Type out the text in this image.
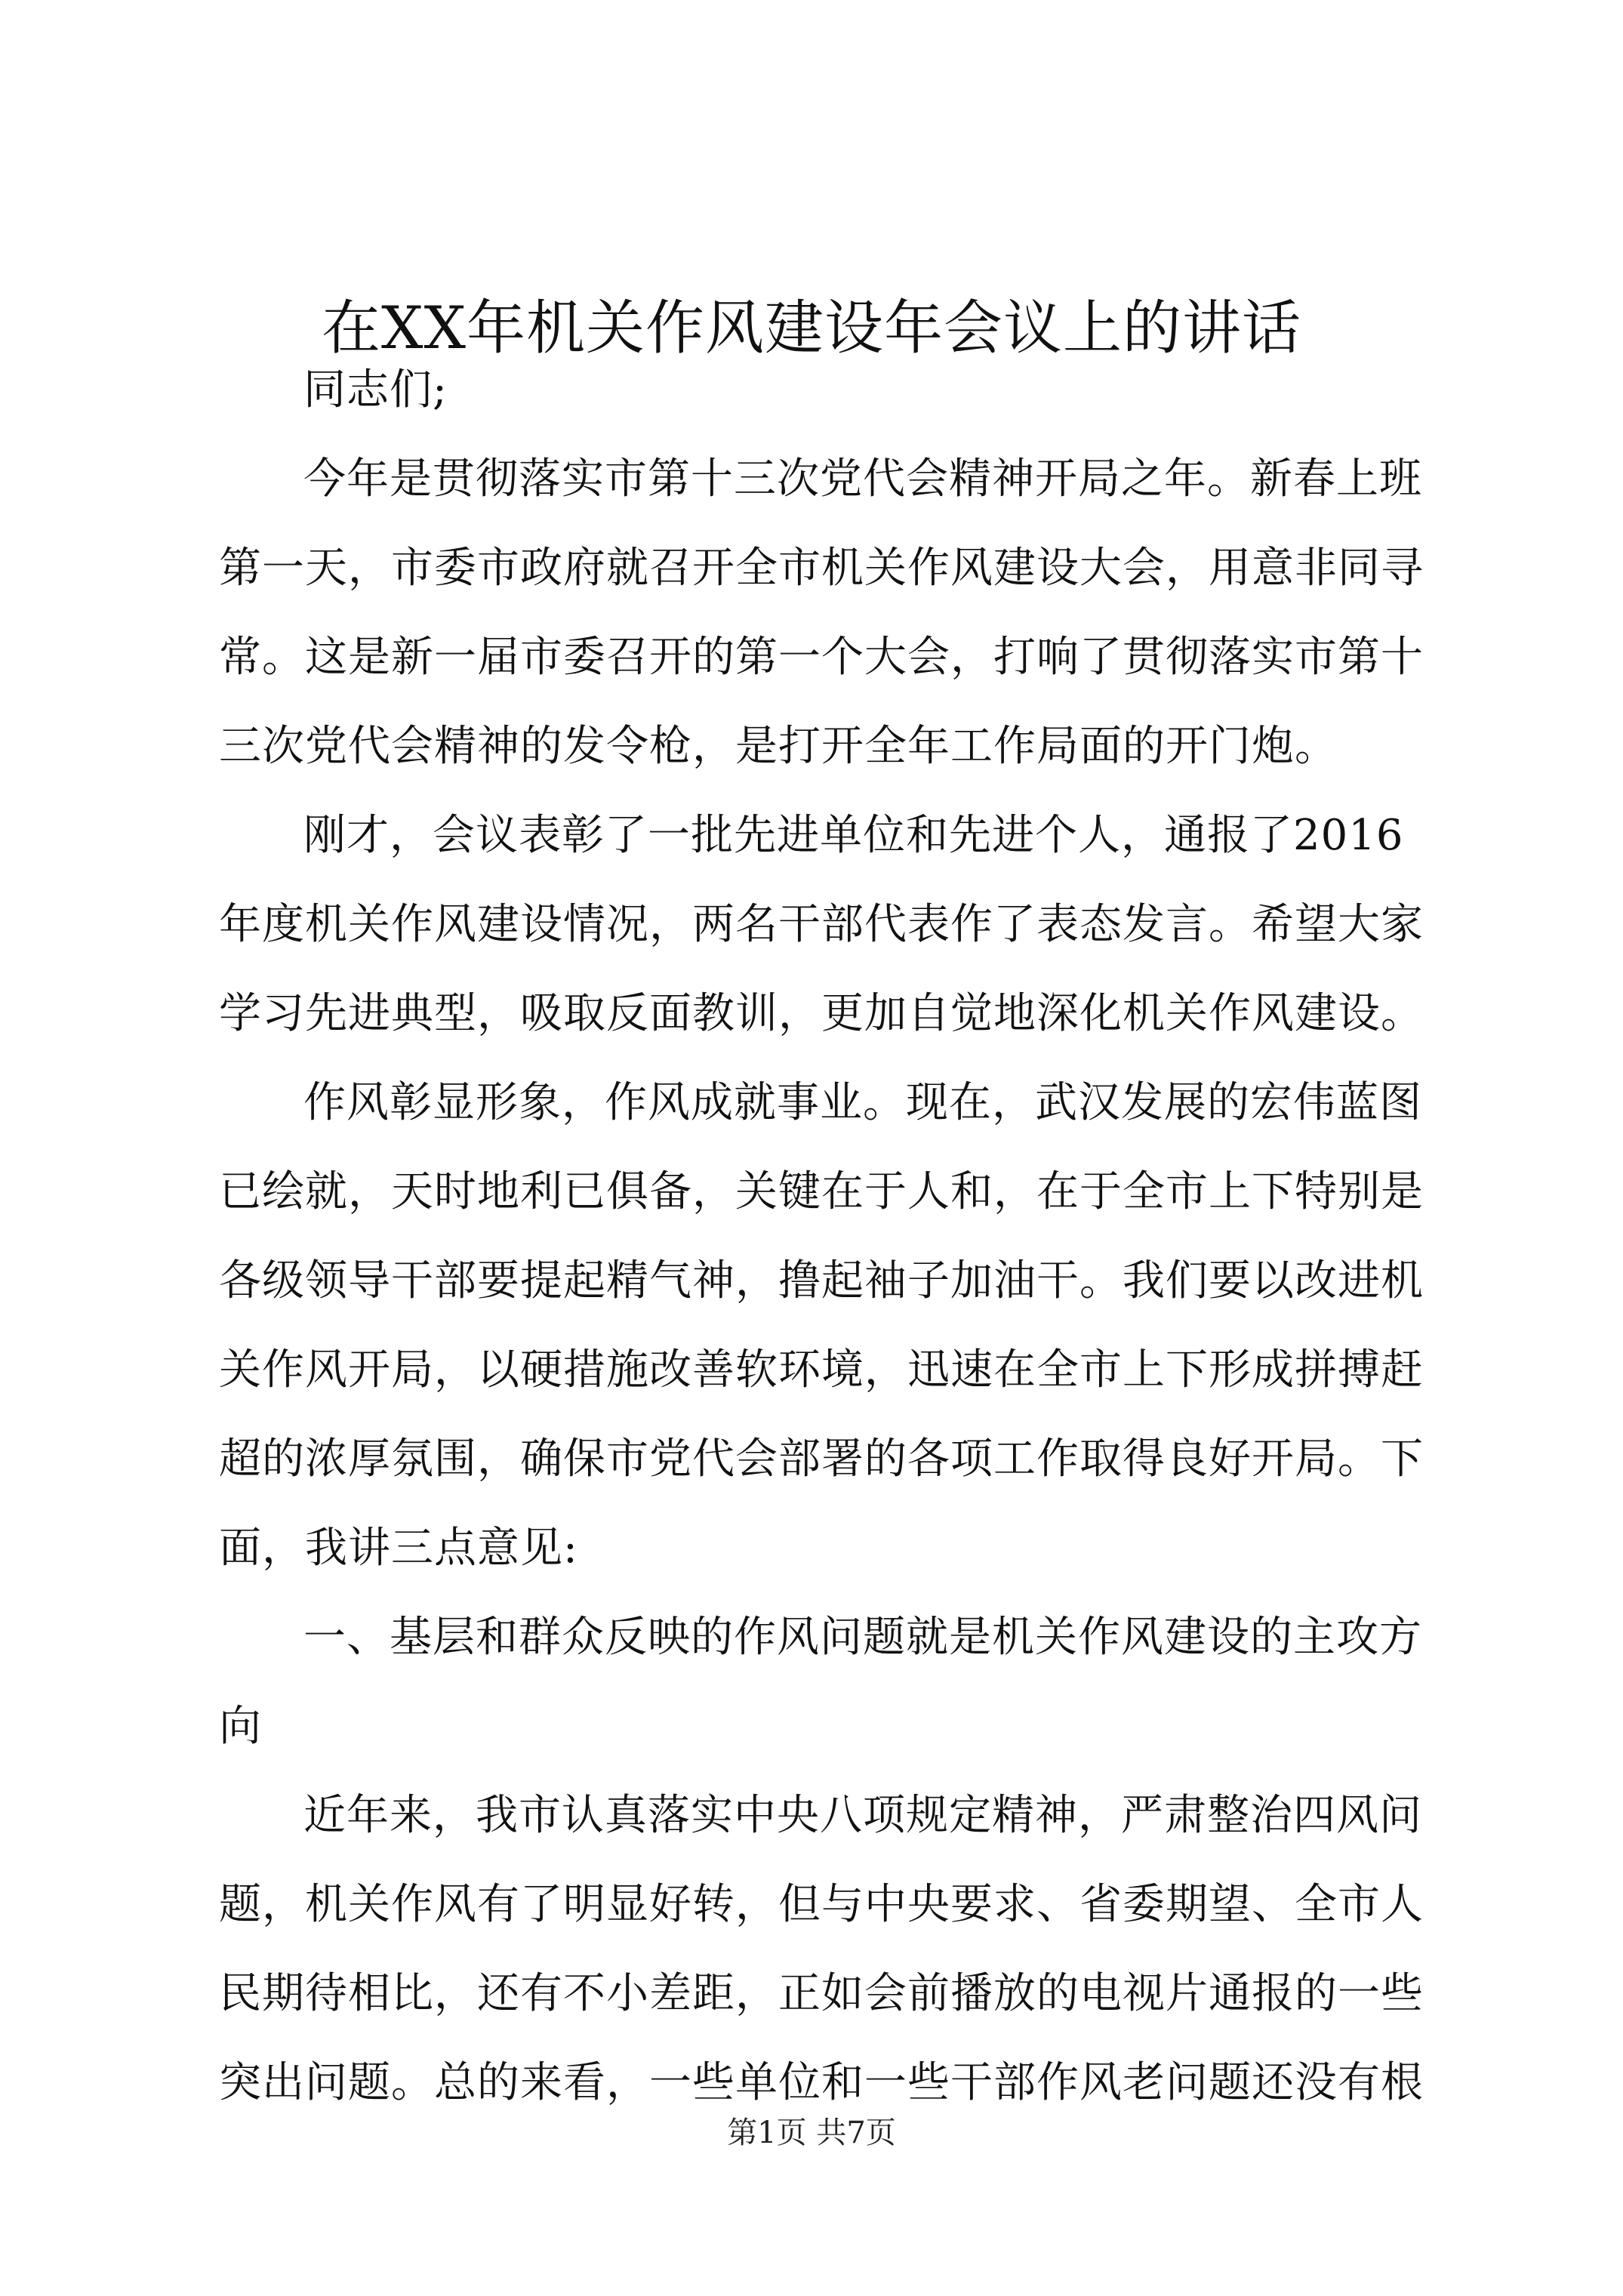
在XX年机关作风建设年会议上的讲话
同志们;
今年是贯彻落实市第十三次党代会精神开局之年。新春上班
第一天，市委市政府就召开全市机关作风建设大会，用意非同寻
常。这是新一届市委召开的第一个大会，打响了贯彻落实市第十
三次党代会精神的发令枪，是打开全年工作局面的开门炮。
刚才，会议表彰了一批先进单位和先进个人，通报了2016
年度机关作风建设情况，两名干部代表作了表态发言。希望大家
学习先进典型，吸取反面教训，更加自觉地深化机关作风建设。
作风彰显形象，作风成就事业。现在，武汉发展的宏伟蓝图
已绘就，天时地利已俱备，关键在于人和，在于全市上下特别是
各级领导干部要提起精气神，撸起袖子加油干。我们要以改进机
关作风开局，以硬措施改善软环境，迅速在全市上下形成拼搏赶
超的浓厚氛围，确保市党代会部署的各项工作取得良好开局。下
面，我讲三点意见:
一、基层和群众反映的作风问题就是机关作风建设的主攻方
向
近年来，我市认真落实中央八项规定精神，严肃整治四风问
题，机关作风有了明显好转，但与中央要求、省委期望、全市人
民期待相比，还有不小差距，正如会前播放的电视片通报的一些
突出问题。总的来看，一些单位和一些干部作风老问题还没有根
第1页 共7页
